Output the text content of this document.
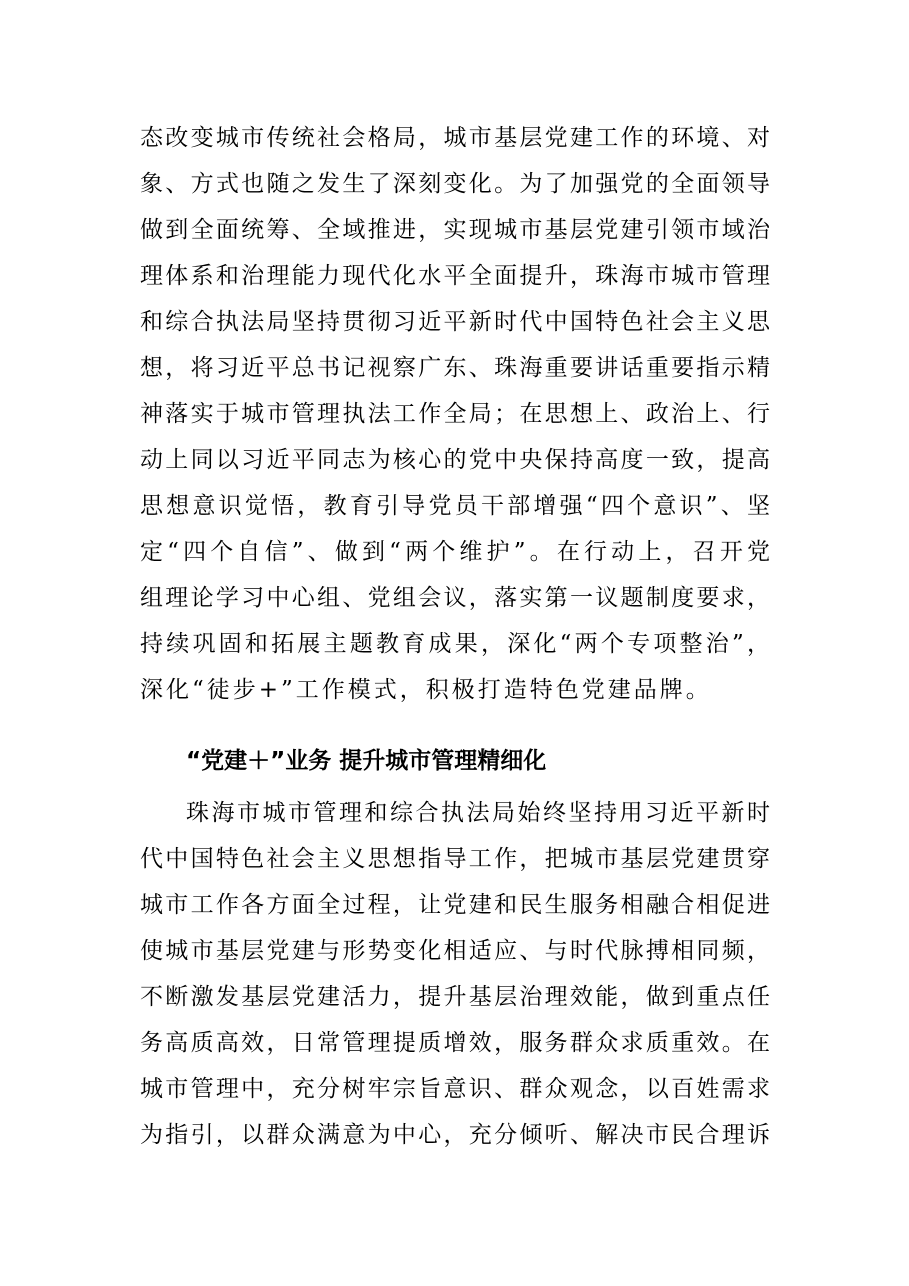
态改变城市传统社会格局，城市基层党建工作的环境、对
象、方式也随之发生了深刻变化。为了加强党的全面领导
做到全面统筹、全域推进，实现城市基层党建引领市域治
理体系和治理能力现代化水平全面提升，珠海市城市管理
和综合执法局坚持贯彻习近平新时代中国特色社会主义思
想，将习近平总书记视察广东、珠海重要讲话重要指示精
神落实于城市管理执法工作全局；在思想上、政治上、行
动上同以习近平同志为核心的党中央保持高度一致，提高
思想意识觉悟，教育引导党员干部增强“四个意识”、坚
定“四个自信”、做到“两个维护”。在行动上，召开党
组理论学习中心组、党组会议，落实第一议题制度要求，
持续巩固和拓展主题教育成果，深化“两个专项整治”，
深化“徒步+”工作模式，积极打造特色党建品牌。
“党建＋”业务 提升城市管理精细化
珠海市城市管理和综合执法局始终坚持用习近平新时
代中国特色社会主义思想指导工作，把城市基层党建贯穿
城市工作各方面全过程，让党建和民生服务相融合相促进
使城市基层党建与形势变化相适应、与时代脉搏相同频，
不断激发基层党建活力，提升基层治理效能，做到重点任
务高质高效，日常管理提质增效，服务群众求质重效。在
城市管理中，充分树牢宗旨意识、群众观念，以百姓需求
为指引，以群众满意为中心，充分倾听、解决市民合理诉
